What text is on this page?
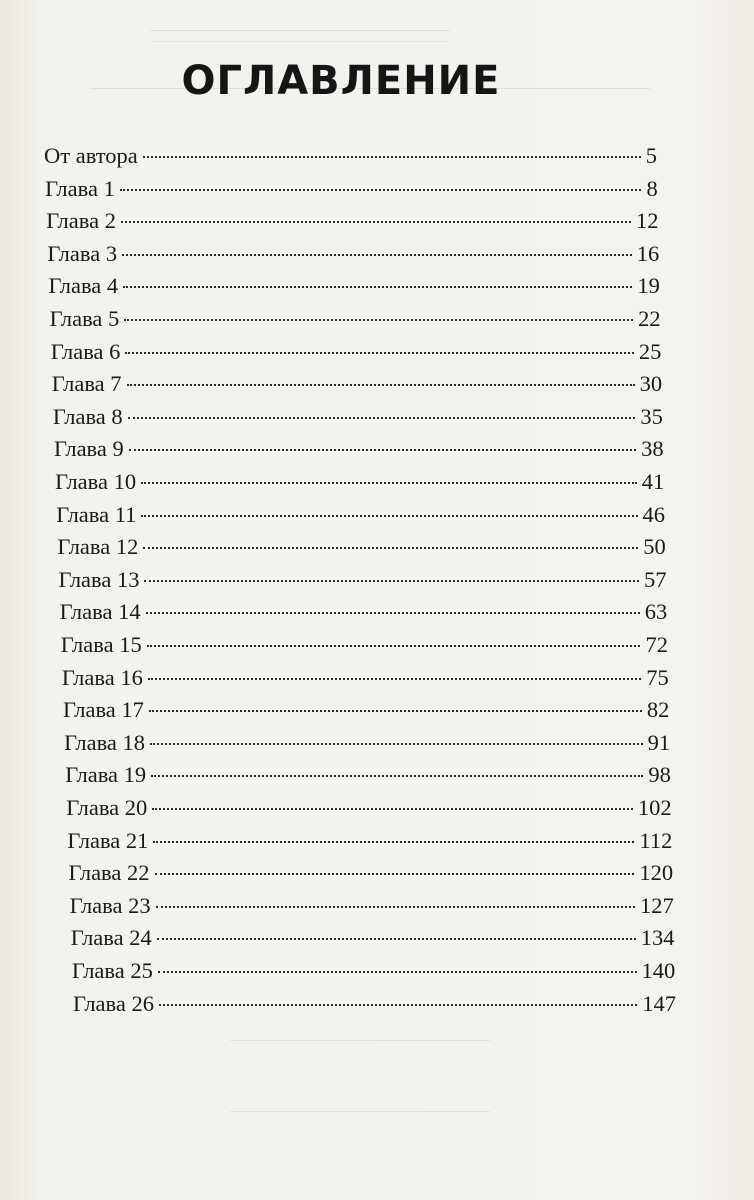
ОГЛАВЛЕНИЕ
От автора	5
Глава 1	8
Глава 2	12
Глава 3	16
Глава 4	19
Глава 5	22
Глава 6	25
Глава 7	30
Глава 8	35
Глава 9	38
Глава 10	41
Глава 11	46
Глава 12	50
Глава 13	57
Глава 14	63
Глава 15	72
Глава 16	75
Глава 17	82
Глава 18	91
Глава 19	98
Глава 20	102
Глава 21	112
Глава 22	120
Глава 23	127
Глава 24	134
Глава 25	140
Глава 26	147
